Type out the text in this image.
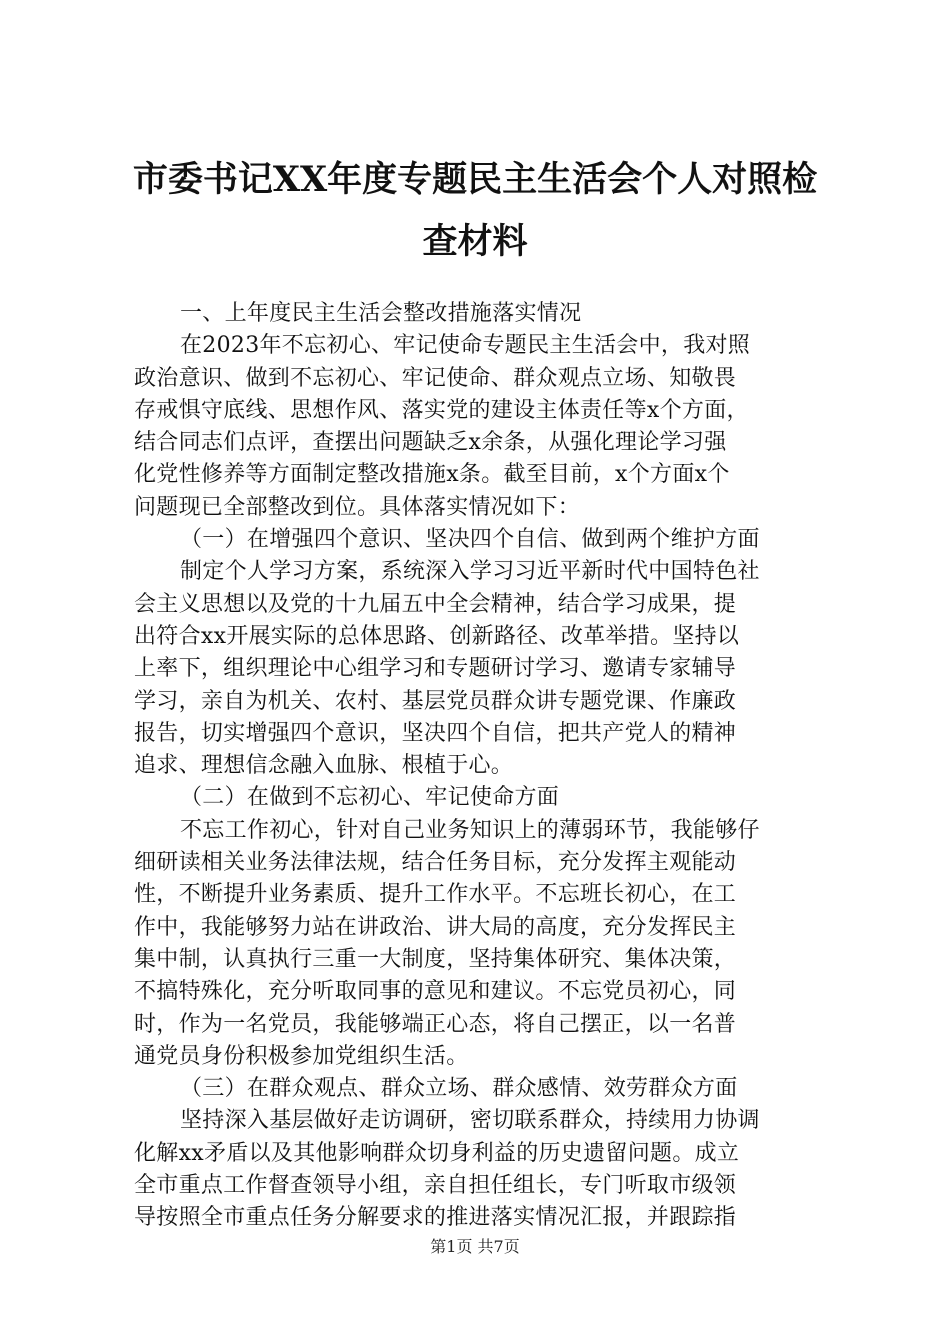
市委书记XX年度专题民主生活会个人对照检
查材料
一、上年度民主生活会整改措施落实情况
在2023年不忘初心、牢记使命专题民主生活会中，我对照
政治意识、做到不忘初心、牢记使命、群众观点立场、知敬畏
存戒惧守底线、思想作风、落实党的建设主体责任等x个方面，
结合同志们点评，查摆出问题缺乏x余条，从强化理论学习强
化党性修养等方面制定整改措施x条。截至目前，x个方面x个
问题现已全部整改到位。具体落实情况如下：
（一）在增强四个意识、坚决四个自信、做到两个维护方面
制定个人学习方案，系统深入学习习近平新时代中国特色社
会主义思想以及党的十九届五中全会精神，结合学习成果，提
出符合xx开展实际的总体思路、创新路径、改革举措。坚持以
上率下，组织理论中心组学习和专题研讨学习、邀请专家辅导
学习，亲自为机关、农村、基层党员群众讲专题党课、作廉政
报告，切实增强四个意识，坚决四个自信，把共产党人的精神
追求、理想信念融入血脉、根植于心。
（二）在做到不忘初心、牢记使命方面
不忘工作初心，针对自己业务知识上的薄弱环节，我能够仔
细研读相关业务法律法规，结合任务目标，充分发挥主观能动
性，不断提升业务素质、提升工作水平。不忘班长初心，在工
作中，我能够努力站在讲政治、讲大局的高度，充分发挥民主
集中制，认真执行三重一大制度，坚持集体研究、集体决策，
不搞特殊化，充分听取同事的意见和建议。不忘党员初心，同
时，作为一名党员，我能够端正心态，将自己摆正，以一名普
通党员身份积极参加党组织生活。
（三）在群众观点、群众立场、群众感情、效劳群众方面
坚持深入基层做好走访调研，密切联系群众，持续用力协调
化解xx矛盾以及其他影响群众切身利益的历史遗留问题。成立
全市重点工作督查领导小组，亲自担任组长，专门听取市级领
导按照全市重点任务分解要求的推进落实情况汇报，并跟踪指
第1页 共7页
